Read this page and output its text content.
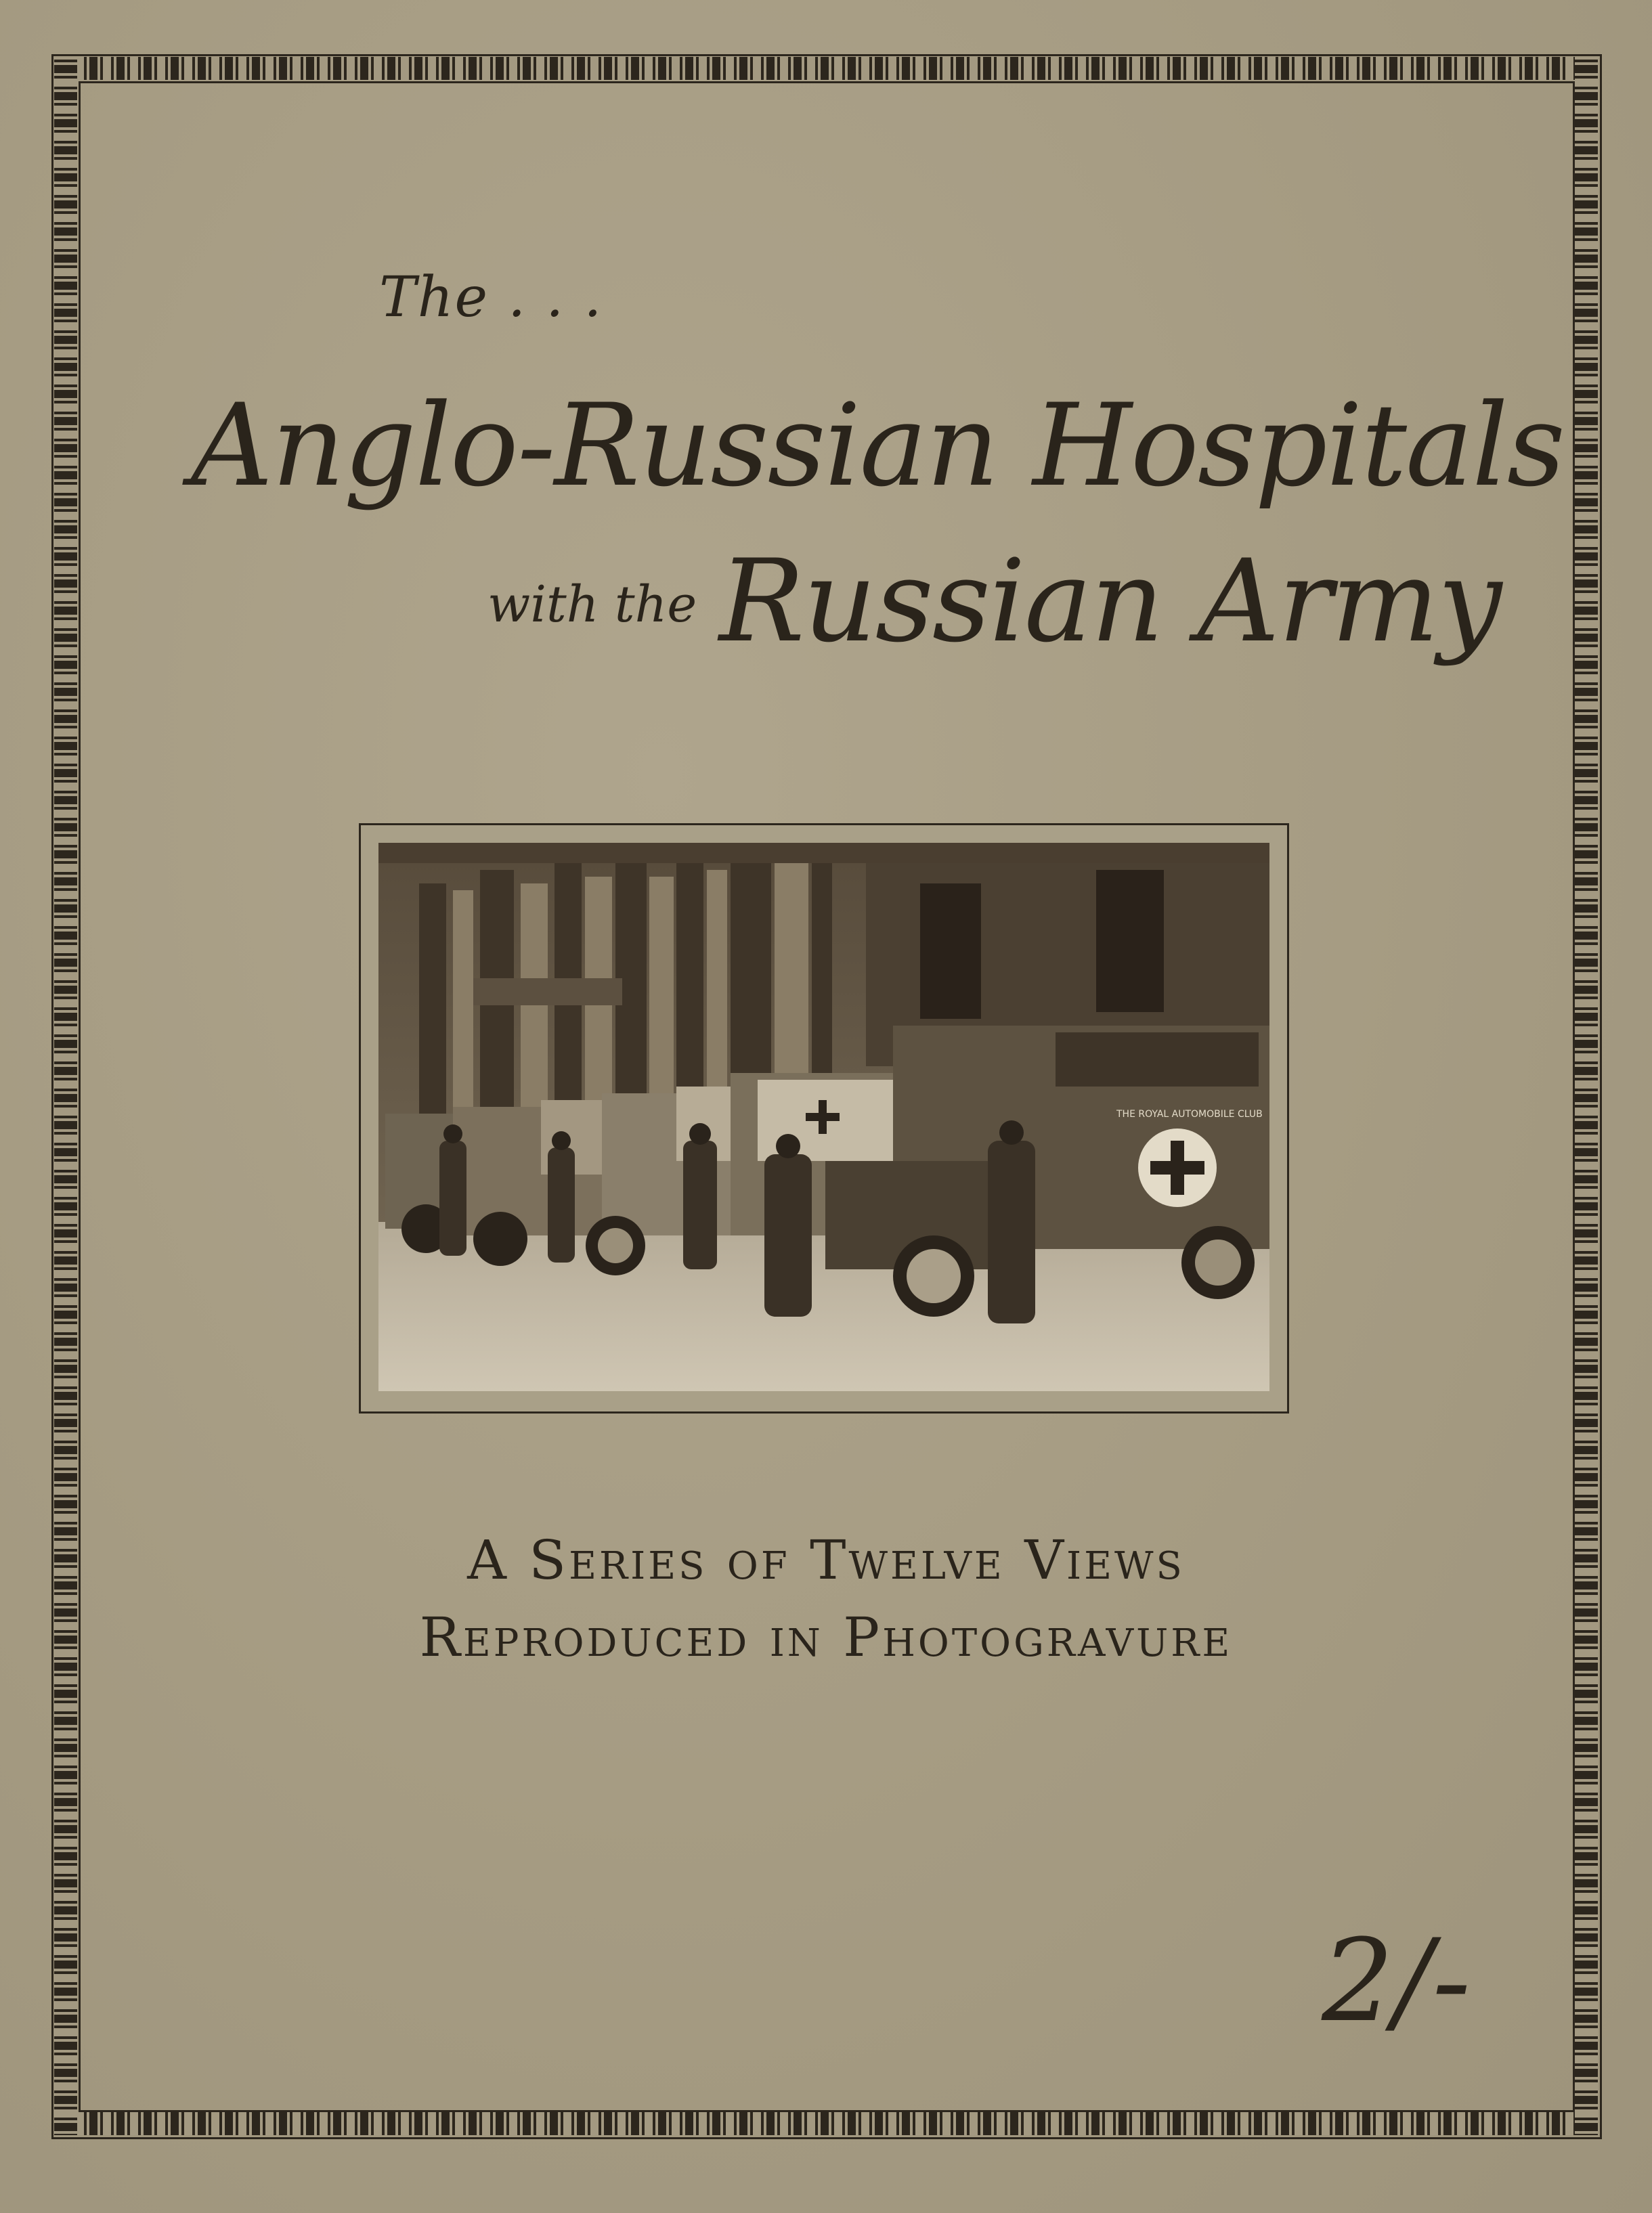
The . . .
Anglo-Russian Hospitals
with the Russian Army
THE ROYAL AUTOMOBILE CLUB
A Series of Twelve Views
Reproduced in Photogravure
2/-
